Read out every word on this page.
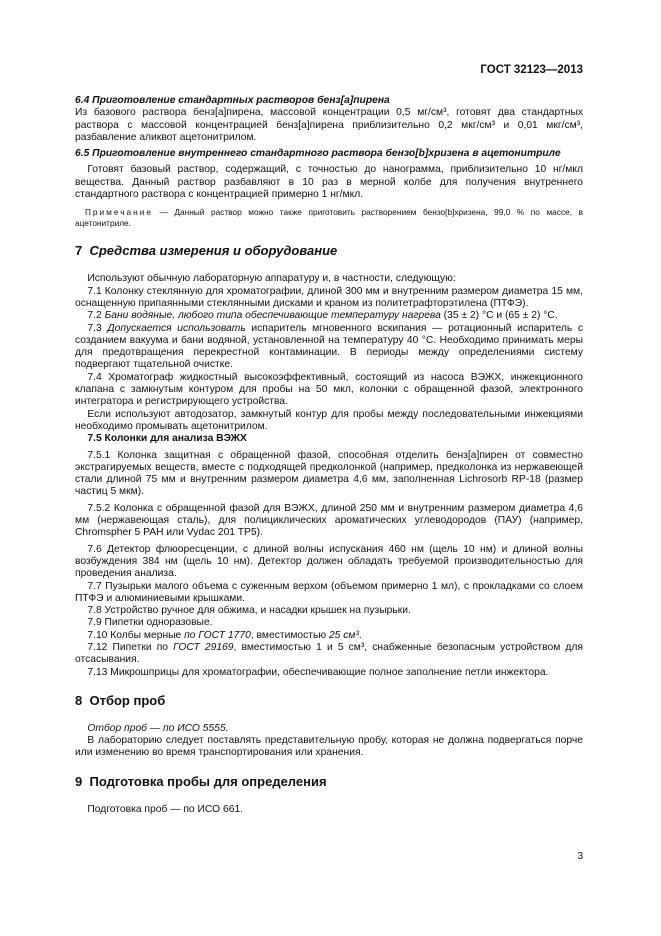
ГОСТ 32123—2013

6.4 Приготовление стандартных растворов бенз[а]пирена

Из базового раствора бенз[а]пирена, массовой концентрации 0,5 мг/см³, готовят два стандартных раствора с массовой концентрацией бенз[а]пирена приблизительно 0,2 мкг/см³ и 0,01 мкг/см³, разбавление аликвот ацетонитрилом.

6.5 Приготовление внутреннего стандартного раствора бензо[b]хризена в ацетонитриле

Готовят базовый раствор, содержащий, с точностью до нанограмма, приблизительно 10 нг/мкл вещества. Данный раствор разбавляют в 10 раз в мерной колбе для получения внутреннего стандартного раствора с концентрацией примерно 1 нг/мкл.

Примечание — Данный раствор можно также приготовить растворением бензо[b]хризена, 99,0 % по массе, в ацетонитриле.

7 Средства измерения и оборудование

Используют обычную лабораторную аппаратуру и, в частности, следующую:

7.1 Колонку стеклянную для хроматографии, длиной 300 мм и внутренним размером диаметра 15 мм, оснащенную припаянными стеклянными дисками и краном из политетрафторэтилена (ПТФЭ).

7.2 Бани водяные, любого типа обеспечивающие температуру нагрева (35 ± 2) °С и (65 ± 2) °С.

7.3 Допускается использовать испаритель мгновенного вскипания — ротационный испаритель с созданием вакуума и бани водяной, установленной на температуру 40 °С. Необходимо принимать меры для предотвращения перекрестной контаминации. В периоды между определениями систему подвергают тщательной очистке.

7.4 Хроматограф жидкостный высокоэффективный, состоящий из насоса ВЭЖХ, инжекционного клапана с замкнутым контуром для пробы на 50 мкл, колонки с обращенной фазой, электронного интегратора и регистрирующего устройства.

Если используют автодозатор, замкнутый контур для пробы между последовательными инжекциями необходимо промывать ацетонитрилом.

7.5 Колонки для анализа ВЭЖХ

7.5.1 Колонка защитная с обращенной фазой, способная отделить бенз[а]пирен от совместно экстрагируемых веществ, вместе с подходящей предколонкой (например, предколонка из нержавеющей стали длиной 75 мм и внутренним размером диаметра 4,6 мм, заполненная Lichrosorb RP-18 (размер частиц 5 мкм).

7.5.2 Колонка с обращенной фазой для ВЭЖХ, длиной 250 мм и внутренним размером диаметра 4,6 мм (нержавеющая сталь), для полициклических ароматических углеводородов (ПАУ) (например, Chromspher 5 PAH или Vydac 201 TP5).

7.6 Детектор флюоресценции, с длиной волны испускания 460 нм (щель 10 нм) и длиной волны возбуждения 384 нм (щель 10 нм). Детектор должен обладать требуемой производительностью для проведения анализа.

7.7 Пузырьки малого объема с суженным верхом (объемом примерно 1 мл), с прокладками со слоем ПТФЭ и алюминиевыми крышками.

7.8 Устройство ручное для обжима, и насадки крышек на пузырьки.

7.9 Пипетки одноразовые.

7.10 Колбы мерные по ГОСТ 1770, вместимостью 25 см³.

7.12 Пипетки по ГОСТ 29169, вместимостью 1 и 5 см³, снабженные безопасным устройством для отсасывания.

7.13 Микрошприцы для хроматографии, обеспечивающие полное заполнение петли инжектора.

8 Отбор проб

Отбор проб — по ИСО 5555.

В лабораторию следует поставлять представительную пробу, которая не должна подвергаться порче или изменению во время транспортирования или хранения.

9 Подготовка пробы для определения

Подготовка проб — по ИСО 661.

3
